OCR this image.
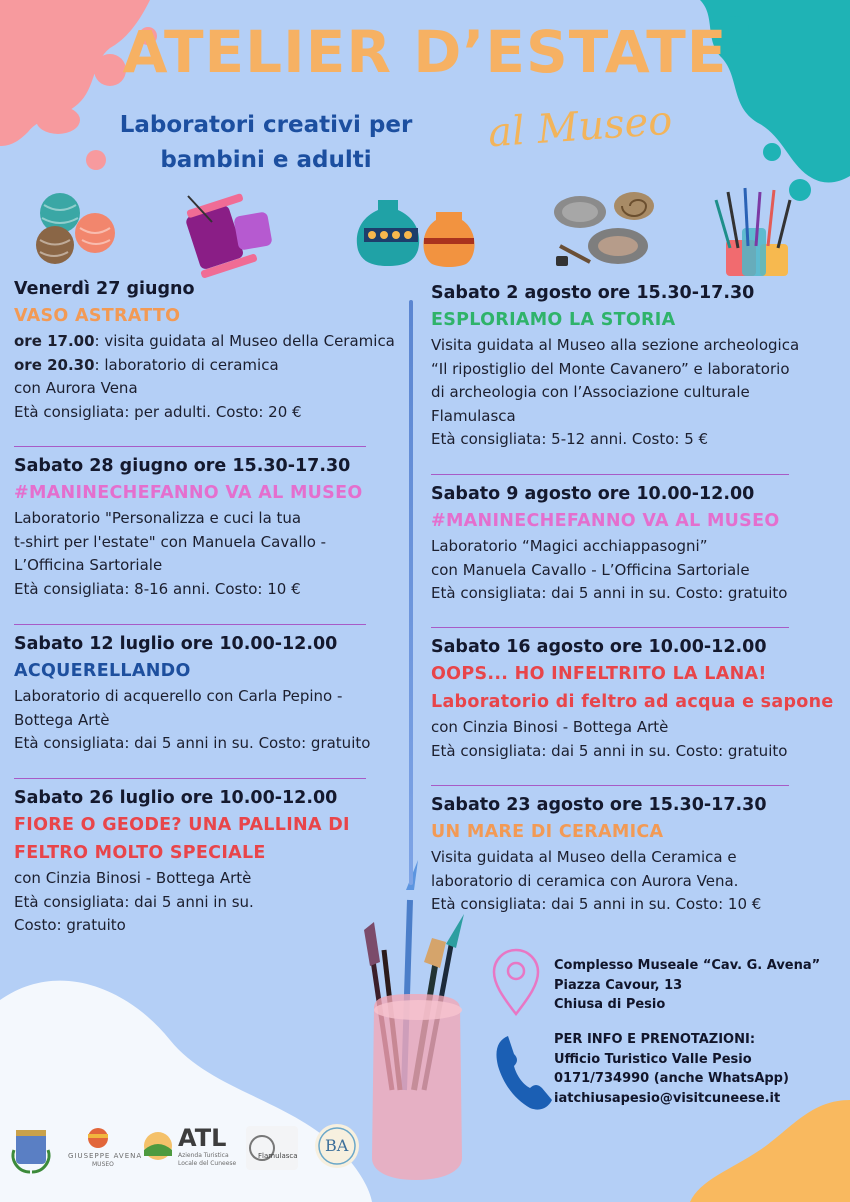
ATELIER D’ESTATE
Laboratori creativi per
bambini e adulti
al Museo
Venerdì 27 giugno
VASO ASTRATTO
ore 17.00: visita guidata al Museo della Ceramica
ore 20.30: laboratorio di ceramica
con Aurora Vena
Età consigliata: per adulti. Costo: 20 €
Sabato 28 giugno ore 15.30-17.30
#MANINECHEFANNO VA AL MUSEO
Laboratorio "Personalizza e cuci la tua
t-shirt per l'estate" con Manuela Cavallo -
L’Officina Sartoriale
Età consigliata: 8-16 anni. Costo: 10 €
Sabato 12 luglio ore 10.00-12.00
ACQUERELLANDO
Laboratorio di acquerello con Carla Pepino -
Bottega Artè
Età consigliata: dai 5 anni in su. Costo: gratuito
Sabato 26 luglio ore 10.00-12.00
FIORE O GEODE? UNA PALLINA DI
FELTRO MOLTO SPECIALE
con Cinzia Binosi - Bottega Artè
Età consigliata: dai 5 anni in su.
Costo: gratuito
Sabato 2 agosto ore 15.30-17.30
ESPLORIAMO LA STORIA
Visita guidata al Museo alla sezione archeologica
“Il ripostiglio del Monte Cavanero” e laboratorio
di archeologia con l’Associazione culturale
Flamulasca
Età consigliata: 5-12 anni. Costo: 5 €
Sabato 9 agosto ore 10.00-12.00
#MANINECHEFANNO VA AL MUSEO
Laboratorio “Magici acchiappasogni”
con Manuela Cavallo - L’Officina Sartoriale
Età consigliata: dai 5 anni in su. Costo: gratuito
Sabato 16 agosto ore 10.00-12.00
OOPS... HO INFELTRITO LA LANA!
Laboratorio di feltro ad acqua e sapone
con Cinzia Binosi - Bottega Artè
Età consigliata: dai 5 anni in su. Costo: gratuito
Sabato 23 agosto ore 15.30-17.30
UN MARE DI CERAMICA
Visita guidata al Museo della Ceramica e
laboratorio di ceramica con Aurora Vena.
Età consigliata: dai 5 anni in su. Costo: 10 €
Complesso Museale “Cav. G. Avena”
Piazza Cavour, 13
Chiusa di Pesio
PER INFO E PRENOTAZIONI:
Ufficio Turistico Valle Pesio
0171/734990 (anche WhatsApp)
iatchiusapesio@visitcuneese.it
GIUSEPPE AVENA
MUSEO
ATL
Azienda Turistica
Locale del Cuneese
Flamulasca
BA
